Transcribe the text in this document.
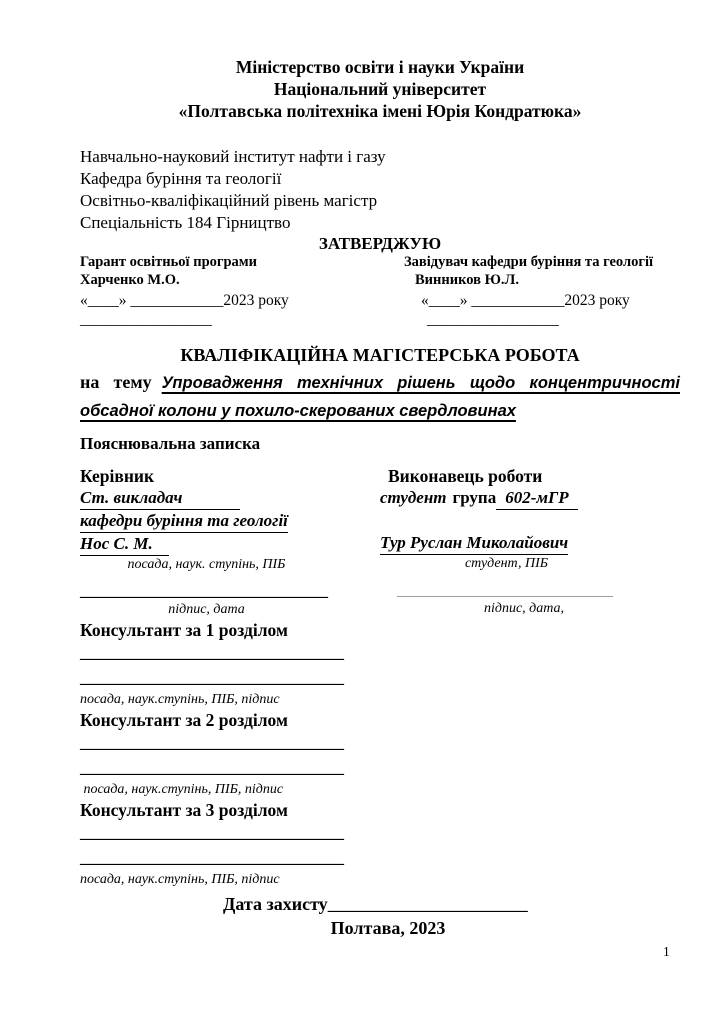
Міністерство освіти і науки України
Національний університет
«Полтавська політехніка імені Юрія Кондратюка»
Навчально-науковий інститут нафти і газу
Кафедра буріння та геології
Освітньо-кваліфікаційний рівень магістр
Спеціальність 184 Гірництво
ЗАТВЕРДЖУЮ
Гарант освітньої програми
Харченко М.О.
«____» ____________2023 року
_________________
Завідувач кафедри буріння та геології
Винников Ю.Л.
«____» ____________2023 року
_________________
КВАЛІФІКАЦІЙНА МАГІСТЕРСЬКА РОБОТА

на тему Упровадження технічних рішень щодо концентричності обсадної колони у похило-скерованих свердловинах

Пояснювальна записка
Керівник
Ст. викладач
кафедри буріння та геології
Нос С. М.
посада, наук. ступінь, ПІБ
_______________________________
підпис, дата
Виконавець роботи
студент група 602-мГР
Тур Руслан Миколайович
студент, ПІБ
___________________________
підпис, дата,
Консультант за 1 розділом
_________________________________
_________________________________
посада, наук.ступінь, ПІБ, підпис
Консультант за 2 розділом
_________________________________
_________________________________
посада, наук.ступінь, ПІБ, підпис
Консультант за 3 розділом
_________________________________
_________________________________
посада, наук.ступінь, ПІБ, підпис
Дата захисту_________________________
Полтава, 2023
1
